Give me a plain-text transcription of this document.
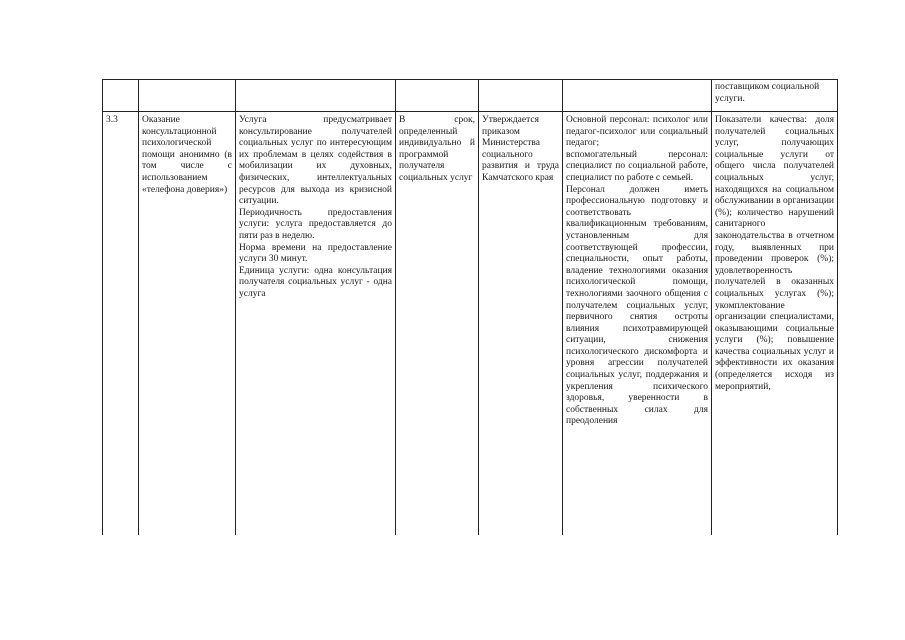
поставщиком социальной услуги.

3.3	Оказание консультационной психологической помощи анонимно (в том числе с использованием «телефона доверия»)

Услуга предусматривает консультирование получателей социальных услуг по интересующим их проблемам в целях содействия в мобилизации их духовных, физических, интеллектуальных ресурсов для выхода из кризисной ситуации.

Периодичность предоставления услуги: услуга предоставляется до пяти раз в неделю.

Норма времени на предоставление услуги 30 минут.

Единица услуги: одна консультация получателя социальных услуг - одна услуга

В срок, определенный индивидуально й программой получателя социальных услуг

Утверждается приказом Министерства социального развития и труда Камчатского края

Основной персонал: психолог или педагог-психолог или социальный педагог;

вспомогательный персонал: специалист по социальной работе, специалист по работе с семьей.

Персонал должен иметь профессиональную подготовку и соответствовать квалификационным требованиям, установленным для соответствующей профессии, специальности, опыт работы, владение технологиями оказания психологической помощи, технологиями заочного общения с получателем социальных услуг, первичного снятия остроты влияния психотравмирующей ситуации, снижения психологического дискомфорта и уровня агрессии получателей социальных услуг, поддержания и укрепления психического здоровья, уверенности в собственных силах для преодоления

Показатели качества: доля получателей социальных услуг, получающих социальные услуги от общего числа получателей социальных услуг, находящихся на социальном обслуживании в организации (%); количество нарушений санитарного законодательства в отчетном году, выявленных при проведении проверок (%); удовлетворенность получателей в оказанных социальных услугах (%); укомплектование организации специалистами, оказывающими социальные услуги (%); повышение качества социальных услуг и эффективности их оказания (определяется исходя из мероприятий,
